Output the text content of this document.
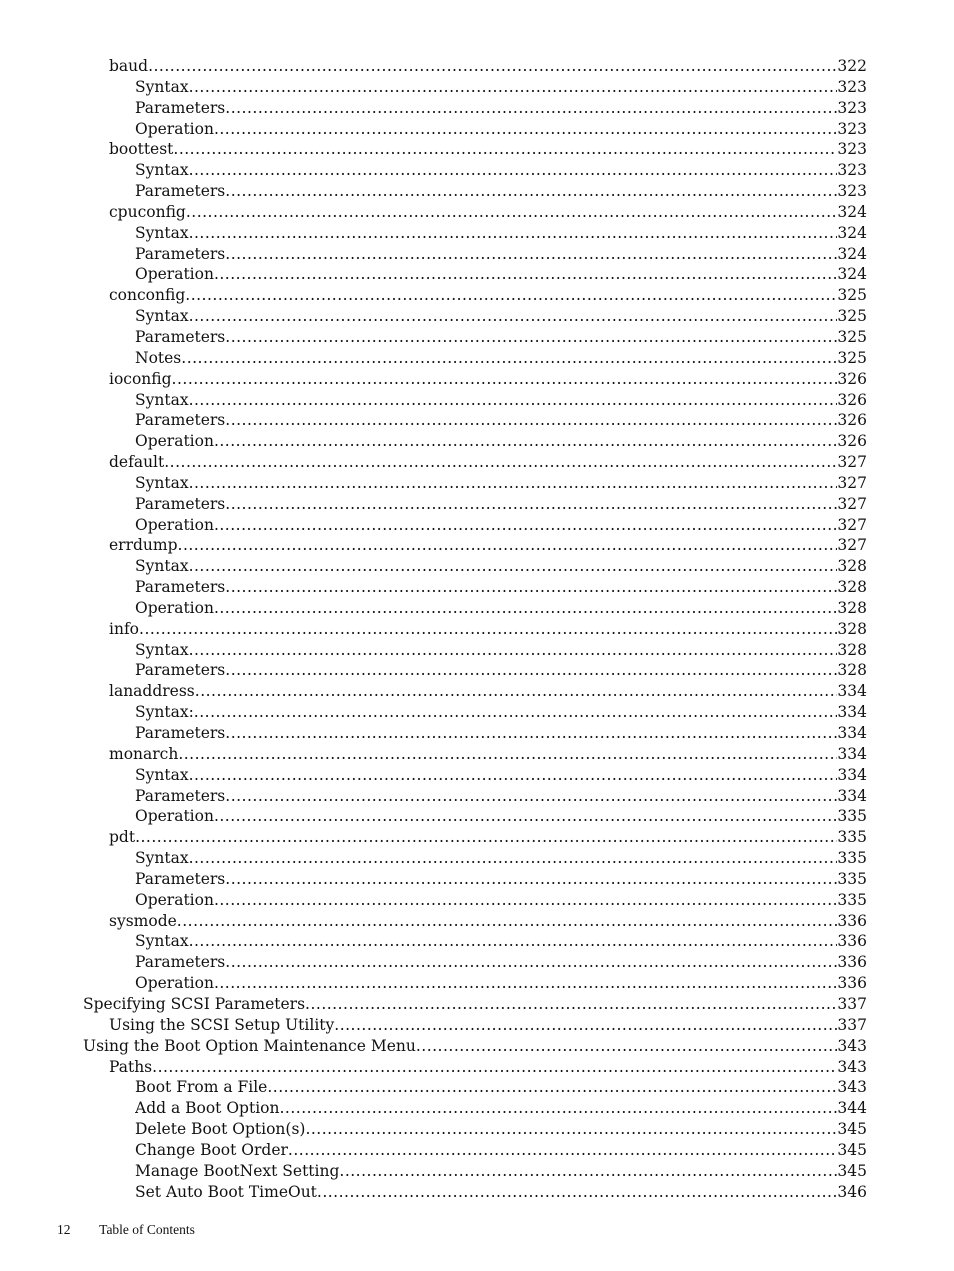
baud .....	322
Syntax .....	323
Parameters .....	323
Operation .....	323
boottest .....	323
Syntax .....	323
Parameters .....	323
cpuconfig .....	324
Syntax .....	324
Parameters .....	324
Operation .....	324
conconfig .....	325
Syntax .....	325
Parameters .....	325
Notes .....	325
ioconfig .....	326
Syntax .....	326
Parameters .....	326
Operation .....	326
default .....	327
Syntax .....	327
Parameters .....	327
Operation .....	327
errdump .....	327
Syntax .....	328
Parameters .....	328
Operation .....	328
info .....	328
Syntax .....	328
Parameters .....	328
lanaddress .....	334
Syntax: .....	334
Parameters .....	334
monarch .....	334
Syntax .....	334
Parameters .....	334
Operation .....	335
pdt .....	335
Syntax .....	335
Parameters .....	335
Operation .....	335
sysmode .....	336
Syntax .....	336
Parameters .....	336
Operation .....	336
Specifying SCSI Parameters .....	337
Using the SCSI Setup Utility .....	337
Using the Boot Option Maintenance Menu .....	343
Paths .....	343
Boot From a File .....	343
Add a Boot Option .....	344
Delete Boot Option(s) .....	345
Change Boot Order .....	345
Manage BootNext Setting .....	345
Set Auto Boot TimeOut .....	346
12 Table of Contents
